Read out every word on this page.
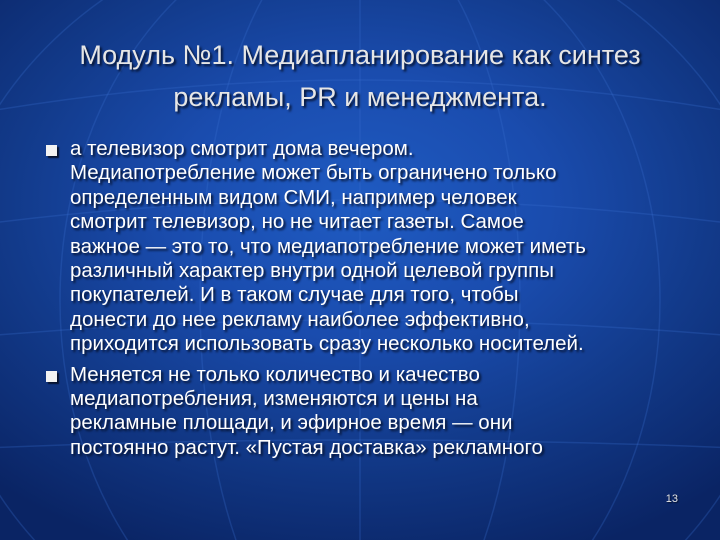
Модуль №1. Медиапланирование как синтез
рекламы, PR и менеджмента.
а телевизор смотрит дома вечером.
Медиапотребление может быть ограничено только
определенным видом СМИ, например человек
смотрит телевизор, но не читает газеты. Самое
важное — это то, что медиапотребление может иметь
различный характер внутри одной целевой группы
покупателей. И в таком случае для того, чтобы
донести до нее рекламу наиболее эффективно,
приходится использовать сразу несколько носителей.
Меняется не только количество и качество
медиапотребления, изменяются и цены на
рекламные площади, и эфирное время — они
постоянно растут. «Пустая доставка» рекламного
13
